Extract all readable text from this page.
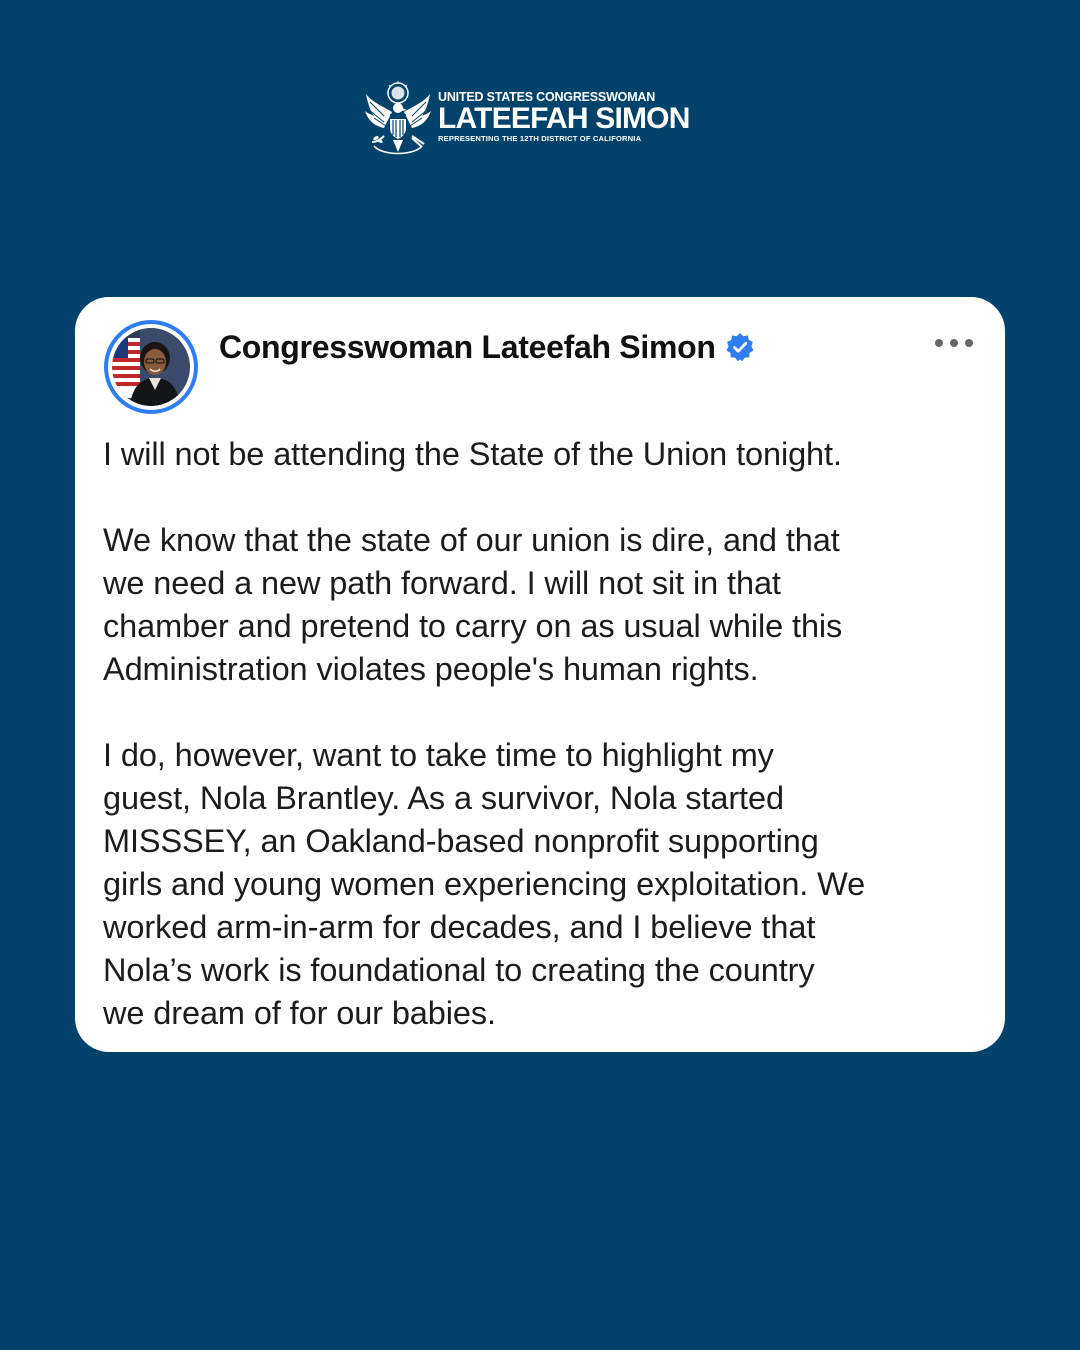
UNITED STATES CONGRESSWOMAN
LATEEFAH SIMON
REPRESENTING THE 12TH DISTRICT OF CALIFORNIA
Congresswoman Lateefah Simon

I will not be attending the State of the Union tonight.

We know that the state of our union is dire, and that
we need a new path forward. I will not sit in that
chamber and pretend to carry on as usual while this
Administration violates people's human rights.

I do, however, want to take time to highlight my
guest, Nola Brantley. As a survivor, Nola started
MISSSEY, an Oakland-based nonprofit supporting
girls and young women experiencing exploitation. We
worked arm-in-arm for decades, and I believe that
Nola’s work is foundational to creating the country
we dream of for our babies.
